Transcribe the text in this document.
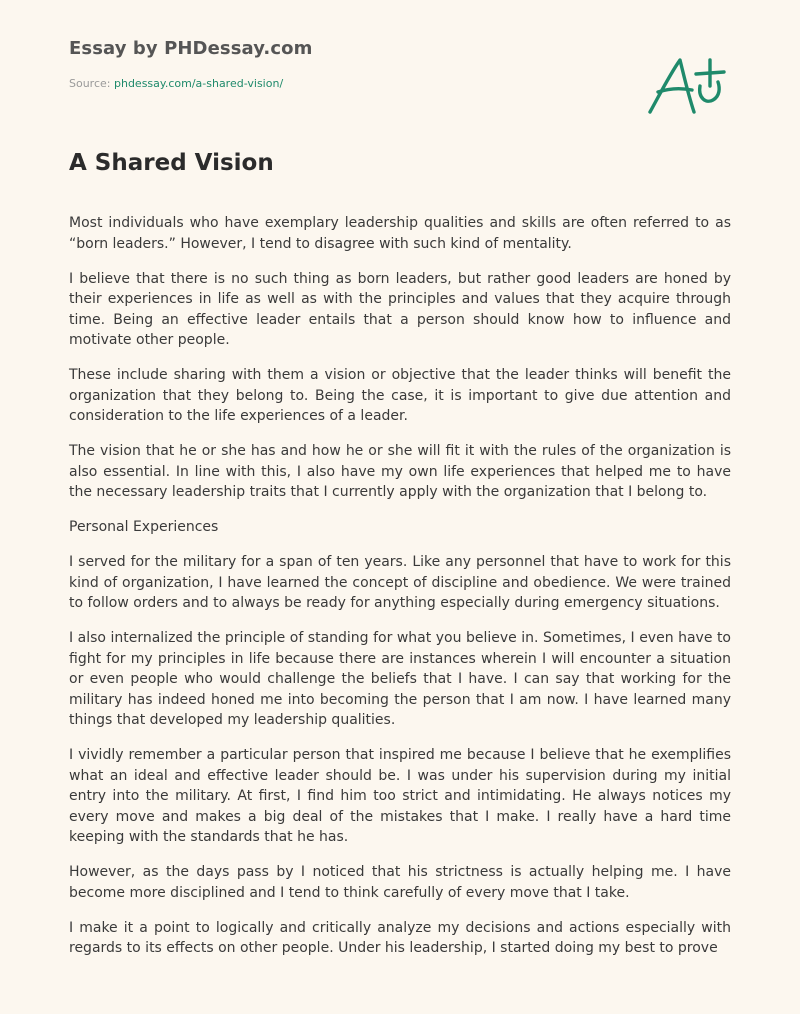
Essay by PHDessay.com
Source: phdessay.com/a-shared-vision/
A Shared Vision

Most individuals who have exemplary leadership qualities and skills are often referred to as “born leaders.” However, I tend to disagree with such kind of mentality.

I believe that there is no such thing as born leaders, but rather good leaders are honed by their experiences in life as well as with the principles and values that they acquire through time. Being an effective leader entails that a person should know how to influence and motivate other people.

These include sharing with them a vision or objective that the leader thinks will benefit the organization that they belong to. Being the case, it is important to give due attention and consideration to the life experiences of a leader.

The vision that he or she has and how he or she will fit it with the rules of the organization is also essential. In line with this, I also have my own life experiences that helped me to have the necessary leadership traits that I currently apply with the organization that I belong to.

Personal Experiences

I served for the military for a span of ten years. Like any personnel that have to work for this kind of organization, I have learned the concept of discipline and obedience. We were trained to follow orders and to always be ready for anything especially during emergency situations.

I also internalized the principle of standing for what you believe in. Sometimes, I even have to fight for my principles in life because there are instances wherein I will encounter a situation or even people who would challenge the beliefs that I have. I can say that working for the military has indeed honed me into becoming the person that I am now. I have learned many things that developed my leadership qualities.

I vividly remember a particular person that inspired me because I believe that he exemplifies what an ideal and effective leader should be. I was under his supervision during my initial entry into the military. At first, I find him too strict and intimidating. He always notices my every move and makes a big deal of the mistakes that I make. I really have a hard time keeping with the standards that he has.

However, as the days pass by I noticed that his strictness is actually helping me. I have become more disciplined and I tend to think carefully of every move that I take.

I make it a point to logically and critically analyze my decisions and actions especially with regards to its effects on other people. Under his leadership, I started doing my best to prove
